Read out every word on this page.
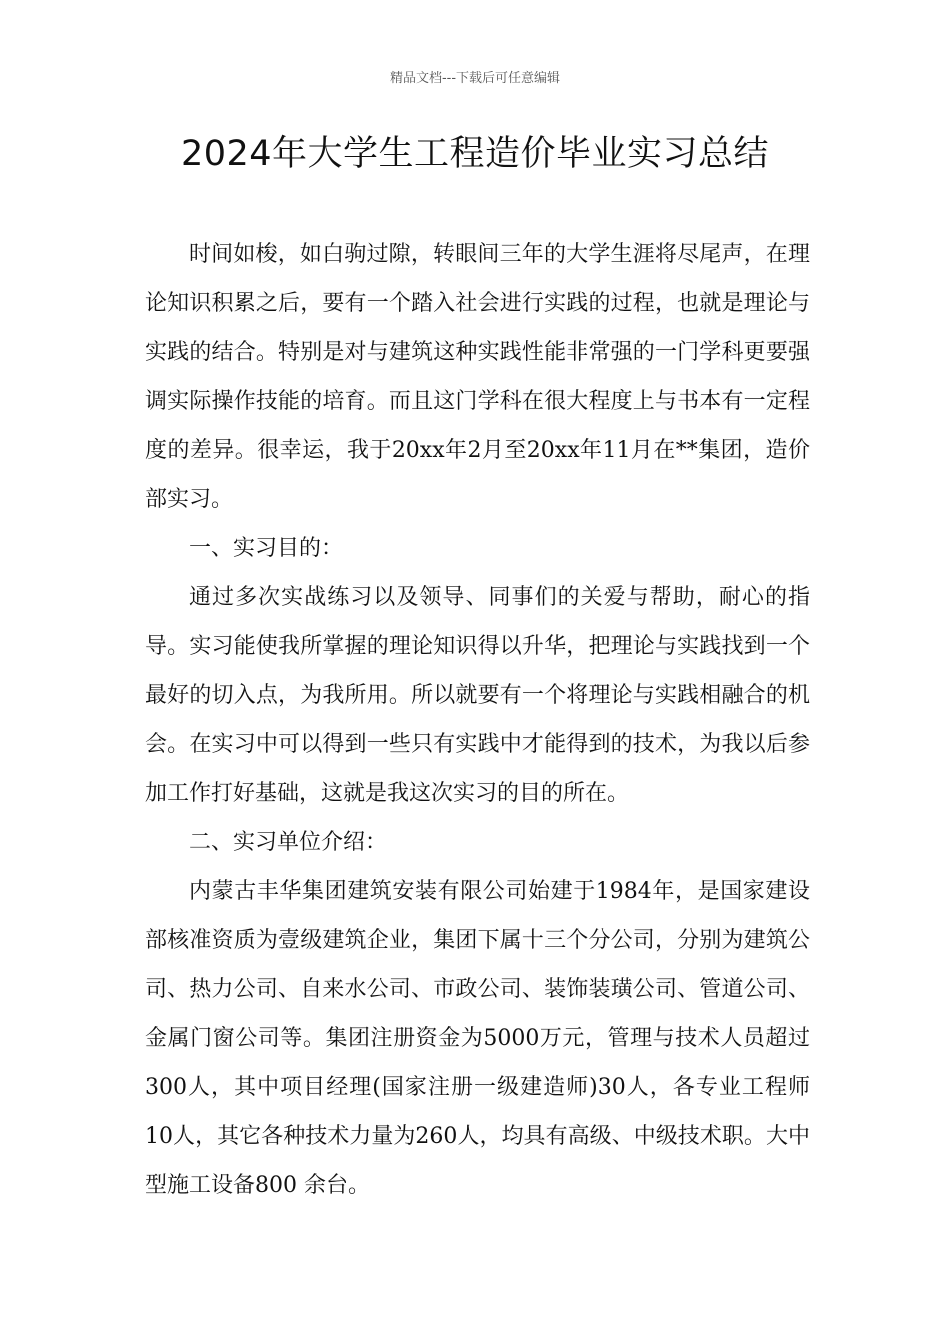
精品文档---下载后可任意编辑
2024年大学生工程造价毕业实习总结

时间如梭，如白驹过隙，转眼间三年的大学生涯将尽尾声，在理论知识积累之后，要有一个踏入社会进行实践的过程，也就是理论与实践的结合。特别是对与建筑这种实践性能非常强的一门学科更要强调实际操作技能的培育。而且这门学科在很大程度上与书本有一定程度的差异。很幸运，我于20xx年2月至20xx年11月在**集团，造价部实习。

一、实习目的：

通过多次实战练习以及领导、同事们的关爱与帮助，耐心的指导。实习能使我所掌握的理论知识得以升华，把理论与实践找到一个最好的切入点，为我所用。所以就要有一个将理论与实践相融合的机会。在实习中可以得到一些只有实践中才能得到的技术，为我以后参加工作打好基础，这就是我这次实习的目的所在。

二、实习单位介绍：

内蒙古丰华集团建筑安装有限公司始建于1984年，是国家建设部核准资质为壹级建筑企业，集团下属十三个分公司，分别为建筑公司、热力公司、自来水公司、市政公司、装饰装璜公司、管道公司、金属门窗公司等。集团注册资金为5000万元，管理与技术人员超过300人，其中项目经理(国家注册一级建造师)30人，各专业工程师10人，其它各种技术力量为260人，均具有高级、中级技术职。大中型施工设备800 余台。
